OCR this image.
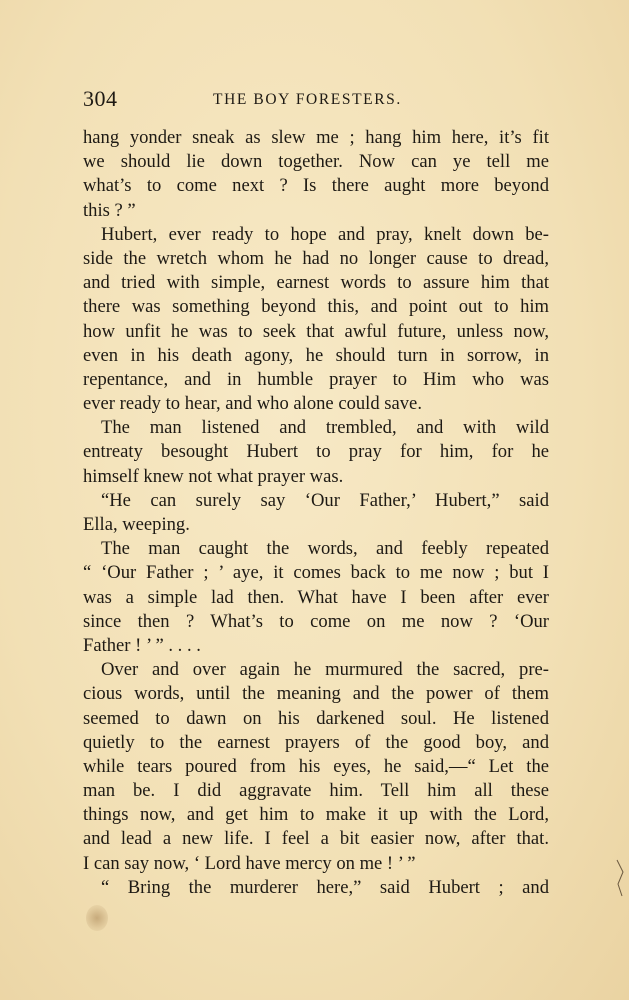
304	THE BOY FORESTERS.
hang yonder sneak as slew me ; hang him here, it’s fit
we should lie down together. Now can ye tell me
what’s to come next ? Is there aught more beyond
this ? ”
Hubert, ever ready to hope and pray, knelt down be-
side the wretch whom he had no longer cause to dread,
and tried with simple, earnest words to assure him that
there was something beyond this, and point out to him
how unfit he was to seek that awful future, unless now,
even in his death agony, he should turn in sorrow, in
repentance, and in humble prayer to Him who was
ever ready to hear, and who alone could save.
The man listened and trembled, and with wild
entreaty besought Hubert to pray for him, for he
himself knew not what prayer was.
“He can surely say ‘Our Father,’ Hubert,” said
Ella, weeping.
The man caught the words, and feebly repeated
“ ‘Our Father ; ’ aye, it comes back to me now ; but I
was a simple lad then. What have I been after ever
since then ? What’s to come on me now ? ‘Our
Father ! ’ ” . . . .
Over and over again he murmured the sacred, pre-
cious words, until the meaning and the power of them
seemed to dawn on his darkened soul. He listened
quietly to the earnest prayers of the good boy, and
while tears poured from his eyes, he said,—“ Let the
man be. I did aggravate him. Tell him all these
things now, and get him to make it up with the Lord,
and lead a new life. I feel a bit easier now, after that.
I can say now, ‘ Lord have mercy on me ! ’ ”
“ Bring the murderer here,” said Hubert ; and
